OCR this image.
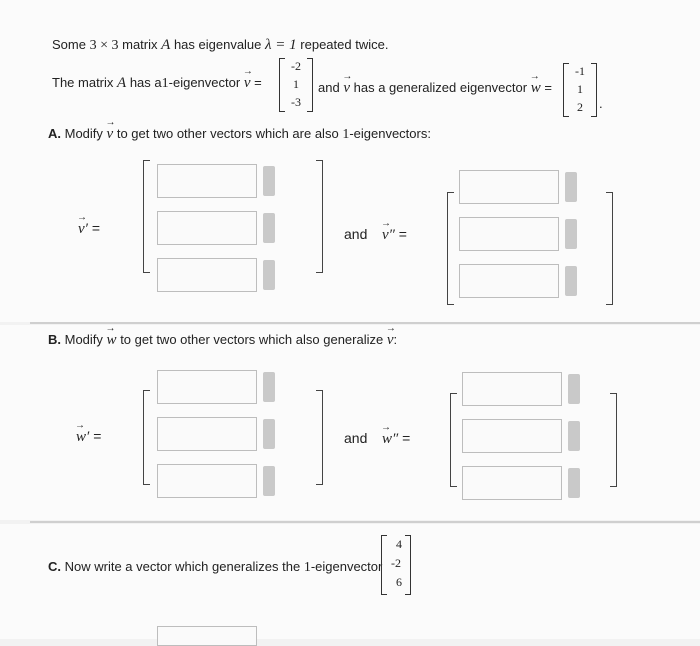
Some 3 × 3 matrix A has eigenvalue λ = 1 repeated twice.
The matrix A has a1-eigenvector → v =
-2
1
-3
and → v has a generalized eigenvector → w =
-1
1
2	.
A. Modify → v to get two other vectors which are also 1-eigenvectors:
→ v′ =	and → v″ =
B. Modify → w to get two other vectors which also generalize → v:
→ w′ =	and → w″ =
C. Now write a vector which generalizes the 1-eigenvector
4
-2
6
